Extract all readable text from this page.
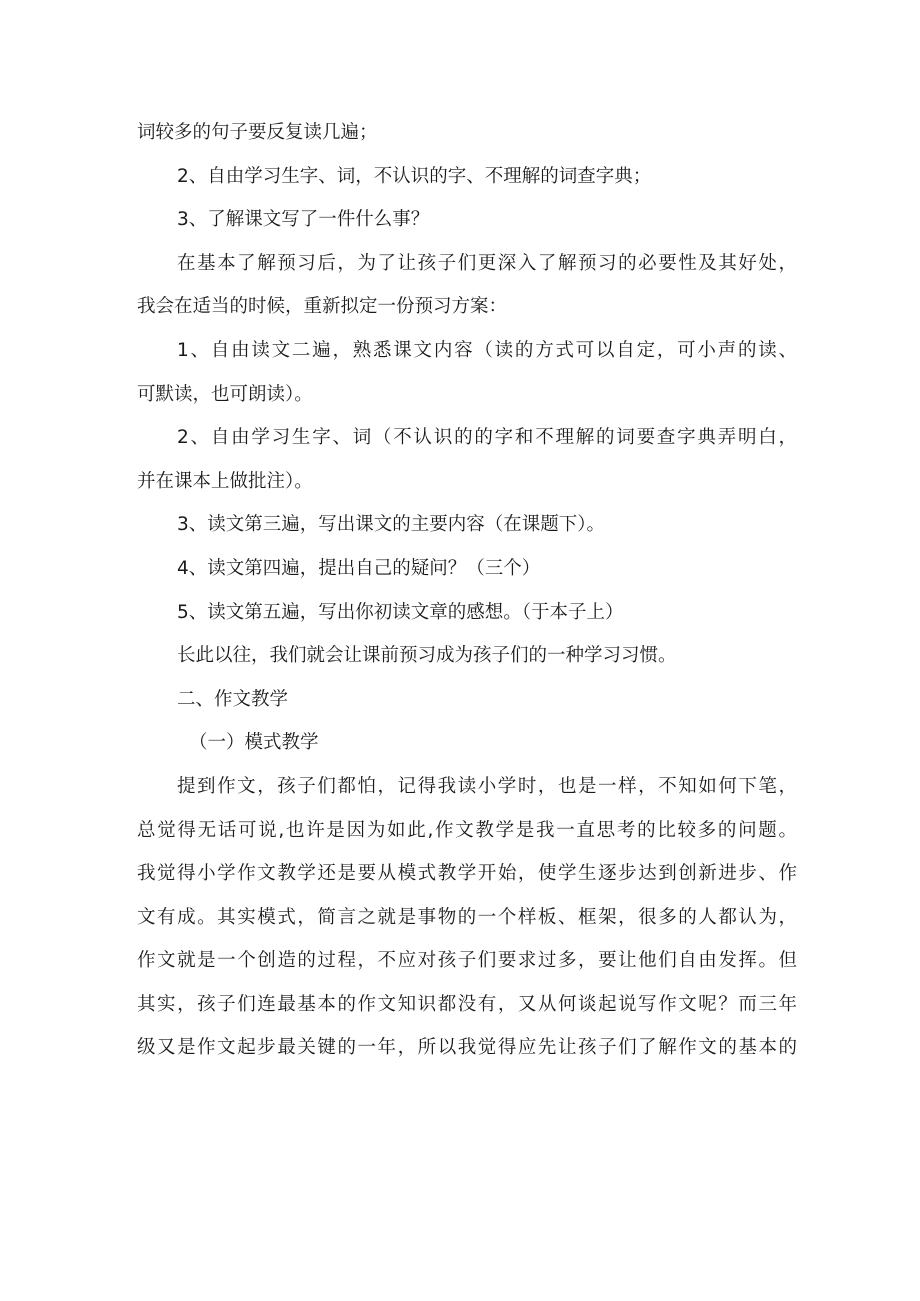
词较多的句子要反复读几遍；
2、自由学习生字、词，不认识的字、不理解的词查字典；
3、了解课文写了一件什么事？
在基本了解预习后，为了让孩子们更深入了解预习的必要性及其好处，
我会在适当的时候，重新拟定一份预习方案：
1、自由读文二遍，熟悉课文内容（读的方式可以自定，可小声的读、
可默读，也可朗读）。
2、自由学习生字、词（不认识的的字和不理解的词要查字典弄明白，
并在课本上做批注）。
3、读文第三遍，写出课文的主要内容（在课题下）。
4、读文第四遍，提出自己的疑问？（三个）
5、读文第五遍，写出你初读文章的感想。（于本子上）
长此以往，我们就会让课前预习成为孩子们的一种学习习惯。
二、作文教学
（一）模式教学
提到作文，孩子们都怕，记得我读小学时，也是一样，不知如何下笔，
总觉得无话可说,也许是因为如此,作文教学是我一直思考的比较多的问题。
我觉得小学作文教学还是要从模式教学开始，使学生逐步达到创新进步、作
文有成。其实模式，简言之就是事物的一个样板、框架，很多的人都认为，
作文就是一个创造的过程，不应对孩子们要求过多，要让他们自由发挥。但
其实，孩子们连最基本的作文知识都没有，又从何谈起说写作文呢？而三年
级又是作文起步最关键的一年，所以我觉得应先让孩子们了解作文的基本的
